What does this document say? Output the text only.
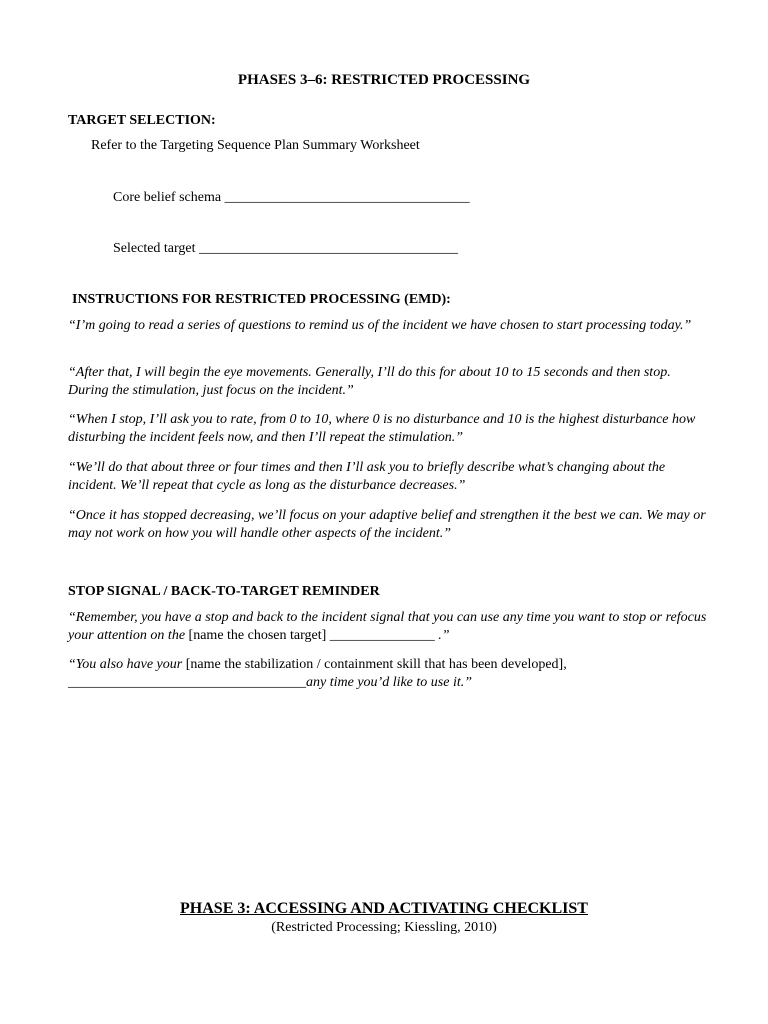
PHASES 3–6: RESTRICTED PROCESSING
TARGET SELECTION:
Refer to the Targeting Sequence Plan Summary Worksheet
Core belief schema ___________________________________
Selected target _____________________________________
INSTRUCTIONS FOR RESTRICTED PROCESSING (EMD):
“I’m going to read a series of questions to remind us of the incident we have chosen to start processing today.”
“After that, I will begin the eye movements. Generally, I’ll do this for about 10 to 15 seconds and then stop. During the stimulation, just focus on the incident.”
“When I stop, I’ll ask you to rate, from 0 to 10, where 0 is no disturbance and 10 is the highest disturbance how disturbing the incident feels now, and then I’ll repeat the stimulation.”
“We’ll do that about three or four times and then I’ll ask you to briefly describe what’s changing about the incident. We’ll repeat that cycle as long as the disturbance decreases.”
“Once it has stopped decreasing, we’ll focus on your adaptive belief and strengthen it the best we can. We may or may not work on how you will handle other aspects of the incident.”
STOP SIGNAL / BACK-TO-TARGET REMINDER
“Remember, you have a stop and back to the incident signal that you can use any time you want to stop or refocus your attention on the [name the chosen target] _______________ .”
“You also have your [name the stabilization / containment skill that has been developed],
__________________________________any time you’d like to use it.”
PHASE 3: ACCESSING AND ACTIVATING CHECKLIST
(Restricted Processing; Kiessling, 2010)
